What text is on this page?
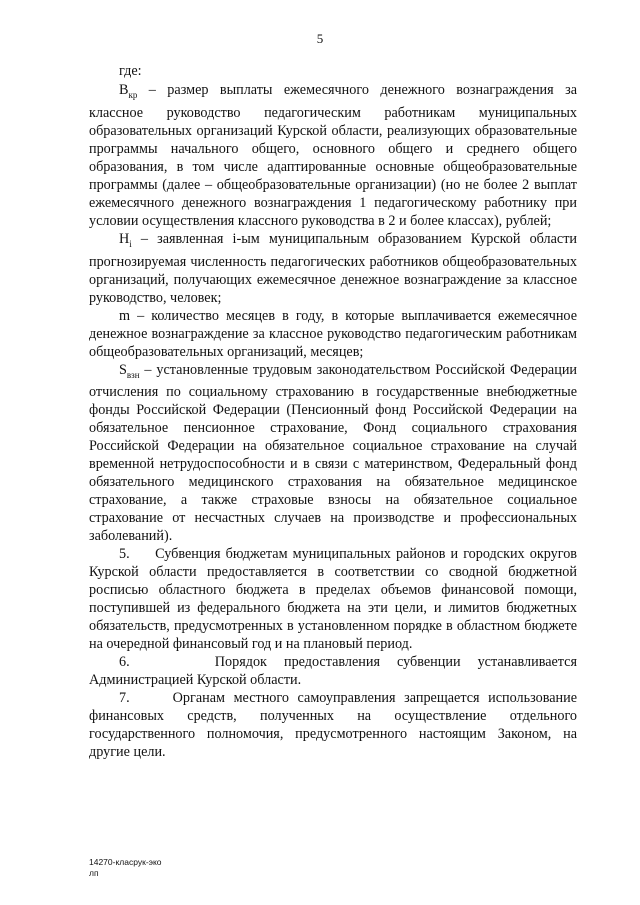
5
где:

$В_{кр}$ – размер выплаты ежемесячного денежного вознаграждения за классное руководство педагогическим работникам муниципальных образовательных организаций Курской области, реализующих образовательные программы начального общего, основного общего и среднего общего образования, в том числе адаптированные основные общеобразовательные программы (далее – общеобразовательные организации) (но не более 2 выплат ежемесячного денежного вознаграждения 1 педагогическому работнику при условии осуществления классного руководства в 2 и более классах), рублей;

$Н_i$ – заявленная i-ым муниципальным образованием Курской области прогнозируемая численность педагогических работников общеобразовательных организаций, получающих ежемесячное денежное вознаграждение за классное руководство, человек;

m – количество месяцев в году, в которые выплачивается ежемесячное денежное вознаграждение за классное руководство педагогическим работникам общеобразовательных организаций, месяцев;

$S_{взн}$ – установленные трудовым законодательством Российской Федерации отчисления по социальному страхованию в государственные внебюджетные фонды Российской Федерации (Пенсионный фонд Российской Федерации на обязательное пенсионное страхование, Фонд социального страхования Российской Федерации на обязательное социальное страхование на случай временной нетрудоспособности и в связи с материнством, Федеральный фонд обязательного медицинского страхования на обязательное медицинское страхование, а также страховые взносы на обязательное социальное страхование от несчастных случаев на производстве и профессиональных заболеваний).

5. Субвенция бюджетам муниципальных районов и городских округов Курской области предоставляется в соответствии со сводной бюджетной росписью областного бюджета в пределах объемов финансовой помощи, поступившей из федерального бюджета на эти цели, и лимитов бюджетных обязательств, предусмотренных в установленном порядке в областном бюджете на очередной финансовый год и на плановый период.

6.	Порядок предоставления субвенции устанавливается Администрацией Курской области.

7.	Органам местного самоуправления запрещается использование финансовых средств, полученных на осуществление отдельного государственного полномочия, предусмотренного настоящим Законом, на другие цели.

14270-класрук-эко
лп
